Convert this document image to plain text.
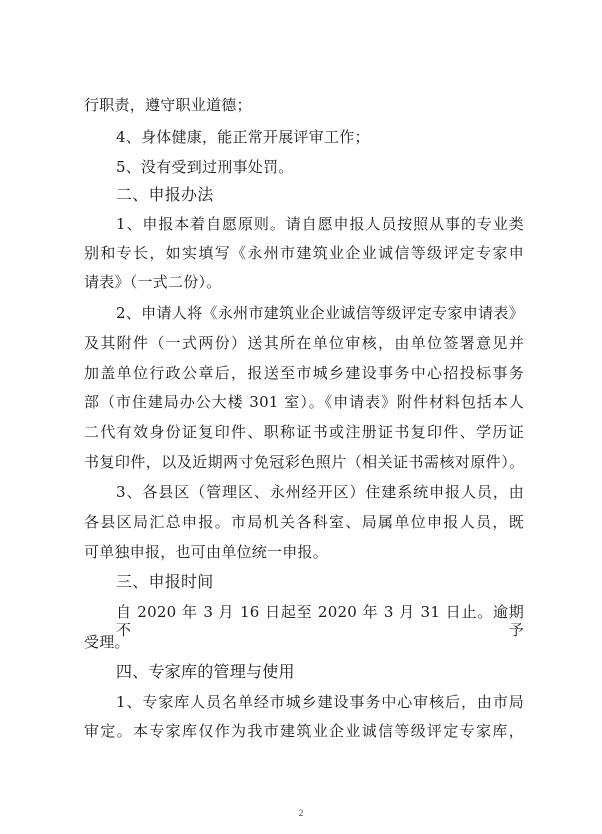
行职责，遵守职业道德；
4、身体健康，能正常开展评审工作；
5、没有受到过刑事处罚。
二、申报办法
1、申报本着自愿原则。请自愿申报人员按照从事的专业类
别和专长，如实填写《永州市建筑业企业诚信等级评定专家申
请表》（一式二份）。
2、申请人将《永州市建筑业企业诚信等级评定专家申请表》
及其附件（一式两份）送其所在单位审核，由单位签署意见并
加盖单位行政公章后，报送至市城乡建设事务中心招投标事务
部（市住建局办公大楼 301 室）。《申请表》附件材料包括本人
二代有效身份证复印件、职称证书或注册证书复印件、学历证
书复印件，以及近期两寸免冠彩色照片（相关证书需核对原件）。
3、各县区（管理区、永州经开区）住建系统申报人员，由
各县区局汇总申报。市局机关各科室、局属单位申报人员，既
可单独申报，也可由单位统一申报。
三、申报时间
自 2020 年 3 月 16 日起至 2020 年 3 月 31 日止。逾期不予
受理。
四、专家库的管理与使用
1、专家库人员名单经市城乡建设事务中心审核后，由市局
审定。本专家库仅作为我市建筑业企业诚信等级评定专家库，
2
